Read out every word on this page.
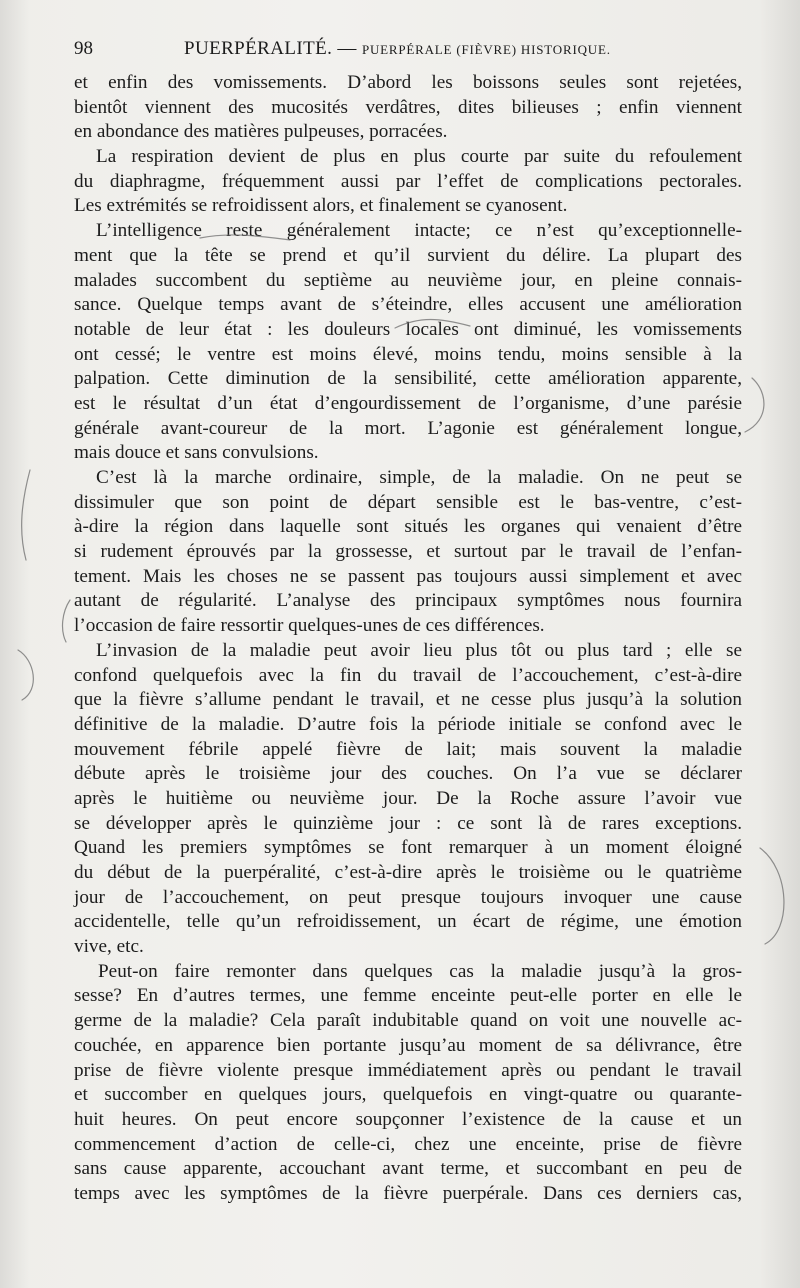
98	PUERPÉRALITÉ. — PUERPÉRALE (FIÈVRE) HISTORIQUE.
et enfin des vomissements. D’abord les boissons seules sont rejetées,
bientôt viennent des mucosités verdâtres, dites bilieuses ; enfin viennent
en abondance des matières pulpeuses, porracées.
La respiration devient de plus en plus courte par suite du refoulement
du diaphragme, fréquemment aussi par l’effet de complications pectorales.
Les extrémités se refroidissent alors, et finalement se cyanosent.
L’intelligence reste généralement intacte; ce n’est qu’exceptionnelle-
ment que la tête se prend et qu’il survient du délire. La plupart des
malades succombent du septième au neuvième jour, en pleine connais-
sance. Quelque temps avant de s’éteindre, elles accusent une amélioration
notable de leur état : les douleurs locales ont diminué, les vomissements
ont cessé; le ventre est moins élevé, moins tendu, moins sensible à la
palpation. Cette diminution de la sensibilité, cette amélioration apparente,
est le résultat d’un état d’engourdissement de l’organisme, d’une parésie
générale avant-coureur de la mort. L’agonie est généralement longue,
mais douce et sans convulsions.
C’est là la marche ordinaire, simple, de la maladie. On ne peut se
dissimuler que son point de départ sensible est le bas-ventre, c’est-
à-dire la région dans laquelle sont situés les organes qui venaient d’être
si rudement éprouvés par la grossesse, et surtout par le travail de l’enfan-
tement. Mais les choses ne se passent pas toujours aussi simplement et avec
autant de régularité. L’analyse des principaux symptômes nous fournira
l’occasion de faire ressortir quelques-unes de ces différences.
L’invasion de la maladie peut avoir lieu plus tôt ou plus tard ; elle se
confond quelquefois avec la fin du travail de l’accouchement, c’est-à-dire
que la fièvre s’allume pendant le travail, et ne cesse plus jusqu’à la solution
définitive de la maladie. D’autre fois la période initiale se confond avec le
mouvement fébrile appelé fièvre de lait; mais souvent la maladie
débute après le troisième jour des couches. On l’a vue se déclarer
après le huitième ou neuvième jour. De la Roche assure l’avoir vue
se développer après le quinzième jour : ce sont là de rares exceptions.
Quand les premiers symptômes se font remarquer à un moment éloigné
du début de la puerpéralité, c’est-à-dire après le troisième ou le quatrième
jour de l’accouchement, on peut presque toujours invoquer une cause
accidentelle, telle qu’un refroidissement, un écart de régime, une émotion
vive, etc.
Peut-on faire remonter dans quelques cas la maladie jusqu’à la gros-
sesse? En d’autres termes, une femme enceinte peut-elle porter en elle le
germe de la maladie? Cela paraît indubitable quand on voit une nouvelle ac-
couchée, en apparence bien portante jusqu’au moment de sa délivrance, être
prise de fièvre violente presque immédiatement après ou pendant le travail
et succomber en quelques jours, quelquefois en vingt-quatre ou quarante-
huit heures. On peut encore soupçonner l’existence de la cause et un
commencement d’action de celle-ci, chez une enceinte, prise de fièvre
sans cause apparente, accouchant avant terme, et succombant en peu de
temps avec les symptômes de la fièvre puerpérale. Dans ces derniers cas,
